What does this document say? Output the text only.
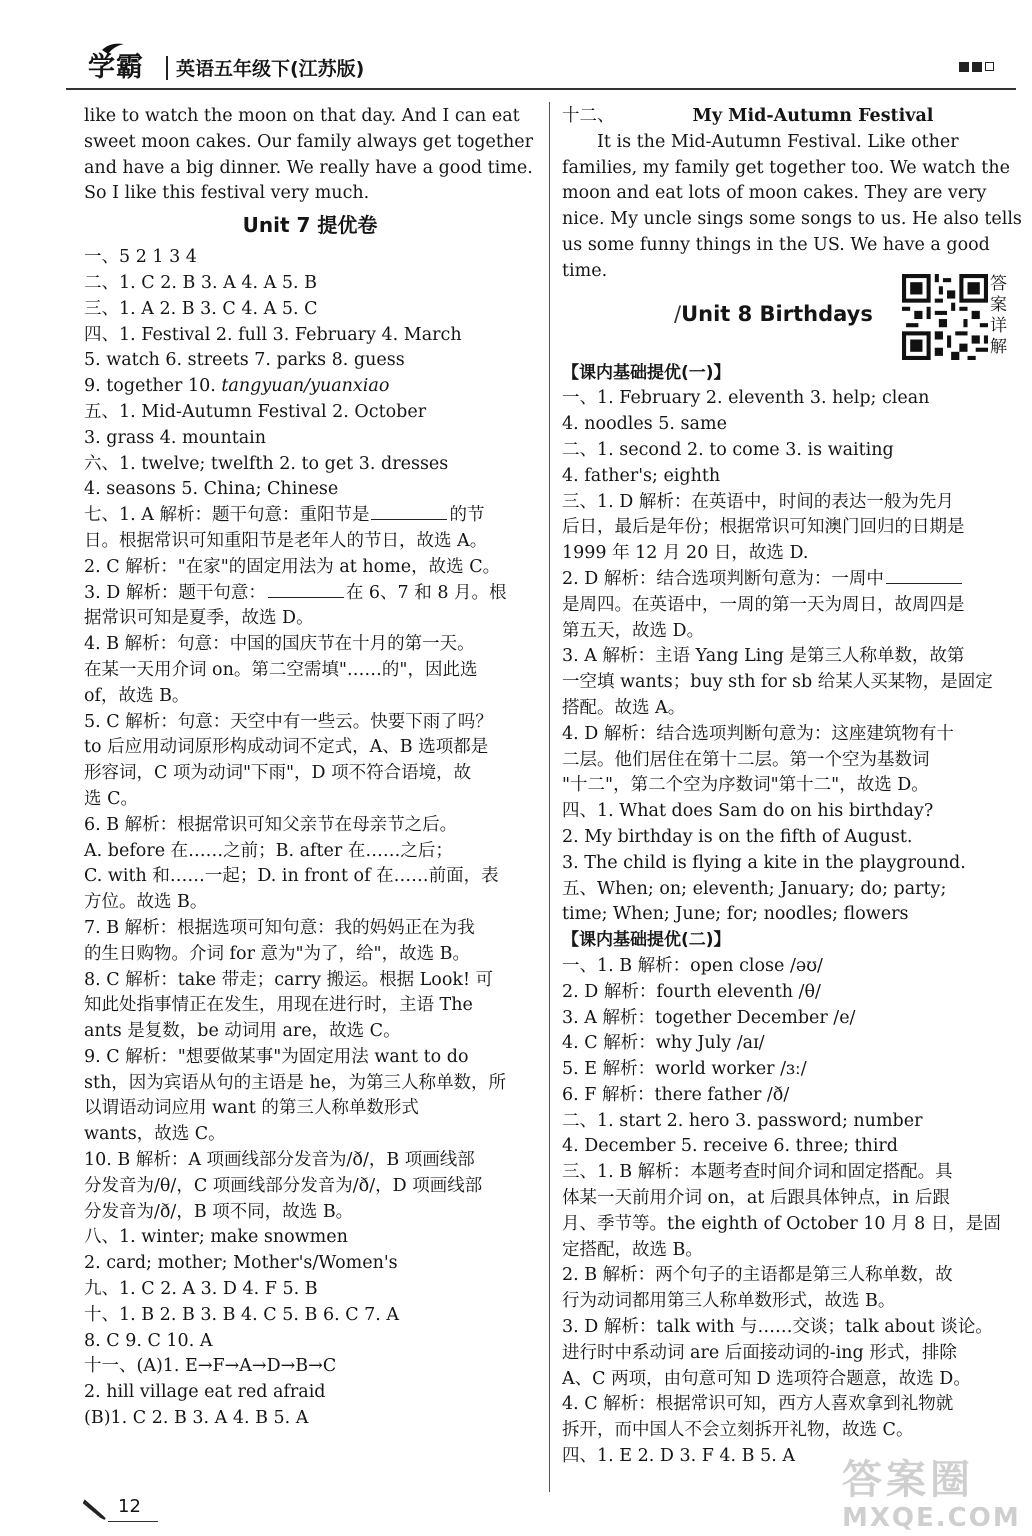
学霸 英语五年级下(江苏版)
like to watch the moon on that day. And I can eat
sweet moon cakes. Our family always get together
and have a big dinner. We really have a good time.
So I like this festival very much.
Unit 7 提优卷
一、5 2 1 3 4
二、1. C 2. B 3. A 4. A 5. B
三、1. A 2. B 3. C 4. A 5. C
四、1. Festival 2. full 3. February 4. March
5. watch 6. streets 7. parks 8. guess
9. together 10. tangyuan/yuanxiao
五、1. Mid-Autumn Festival 2. October
3. grass 4. mountain
六、1. twelve; twelfth 2. to get 3. dresses
4. seasons 5. China; Chinese
七、1. A 解析：题干句意：重阳节是	的节
日。根据常识可知重阳节是老年人的节日，故选 A。
2. C 解析："在家"的固定用法为 at home，故选 C。
3. D 解析：题干句意：	在 6、7 和 8 月。根
据常识可知是夏季，故选 D。
4. B 解析：句意：中国的国庆节在十月的第一天。
在某一天用介词 on。第二空需填"……的"，因此选
of，故选 B。
5. C 解析：句意：天空中有一些云。快要下雨了吗？
to 后应用动词原形构成动词不定式，A、B 选项都是
形容词，C 项为动词"下雨"，D 项不符合语境，故
选 C。
6. B 解析：根据常识可知父亲节在母亲节之后。
A. before 在……之前；B. after 在……之后；
C. with 和……一起；D. in front of 在……前面，表
方位。故选 B。
7. B 解析：根据选项可知句意：我的妈妈正在为我
的生日购物。介词 for 意为"为了，给"，故选 B。
8. C 解析：take 带走；carry 搬运。根据 Look! 可
知此处指事情正在发生，用现在进行时，主语 The
ants 是复数，be 动词用 are，故选 C。
9. C 解析："想要做某事"为固定用法 want to do
sth，因为宾语从句的主语是 he，为第三人称单数，所
以谓语动词应用 want 的第三人称单数形式
wants，故选 C。
10. B 解析：A 项画线部分发音为/ð/，B 项画线部
分发音为/θ/，C 项画线部分发音为/ð/，D 项画线部
分发音为/ð/，B 项不同，故选 B。
八、1. winter; make snowmen
2. card; mother; Mother's/Women's
九、1. C 2. A 3. D 4. F 5. B
十、1. B 2. B 3. B 4. C 5. B 6. C 7. A
8. C 9. C 10. A
十一、(A)1. E→F→A→D→B→C
2. hill village eat red afraid
(B)1. C 2. B 3. A 4. B 5. A
十二、	My Mid-Autumn Festival
It is the Mid-Autumn Festival. Like other
families, my family get together too. We watch the
moon and eat lots of moon cakes. They are very
nice. My uncle sings some songs to us. He also tells
us some funny things in the US. We have a good
time.
/Unit 8 Birthdays
答案详解
【课内基础提优(一)】
一、1. February 2. eleventh 3. help; clean
4. noodles 5. same
二、1. second 2. to come 3. is waiting
4. father's; eighth
三、1. D 解析：在英语中，时间的表达一般为先月
后日，最后是年份；根据常识可知澳门回归的日期是
1999 年 12 月 20 日，故选 D.
2. D 解析：结合选项判断句意为：一周中
是周四。在英语中，一周的第一天为周日，故周四是
第五天，故选 D。
3. A 解析：主语 Yang Ling 是第三人称单数，故第
一空填 wants；buy sth for sb 给某人买某物，是固定
搭配。故选 A。
4. D 解析：结合选项判断句意为：这座建筑物有十
二层。他们居住在第十二层。第一个空为基数词
"十二"，第二个空为序数词"第十二"，故选 D。
四、1. What does Sam do on his birthday?
2. My birthday is on the fifth of August.
3. The child is flying a kite in the playground.
五、When; on; eleventh; January; do; party;
time; When; June; for; noodles; flowers
【课内基础提优(二)】
一、1. B 解析：open close /əʊ/
2. D 解析：fourth eleventh /θ/
3. A 解析：together December /e/
4. C 解析：why July /aɪ/
5. E 解析：world worker /ɜː/
6. F 解析：there father /ð/
二、1. start 2. hero 3. password; number
4. December 5. receive 6. three; third
三、1. B 解析：本题考查时间介词和固定搭配。具
体某一天前用介词 on，at 后跟具体钟点，in 后跟
月、季节等。the eighth of October 10 月 8 日，是固
定搭配，故选 B。
2. B 解析：两个句子的主语都是第三人称单数，故
行为动词都用第三人称单数形式，故选 B。
3. D 解析：talk with 与……交谈；talk about 谈论。
进行时中系动词 are 后面接动词的-ing 形式，排除
A、C 两项，由句意可知 D 选项符合题意，故选 D。
4. C 解析：根据常识可知，西方人喜欢拿到礼物就
拆开，而中国人不会立刻拆开礼物，故选 C。
四、1. E 2. D 3. F 4. B 5. A
12
答案圈
MXQE.COM
